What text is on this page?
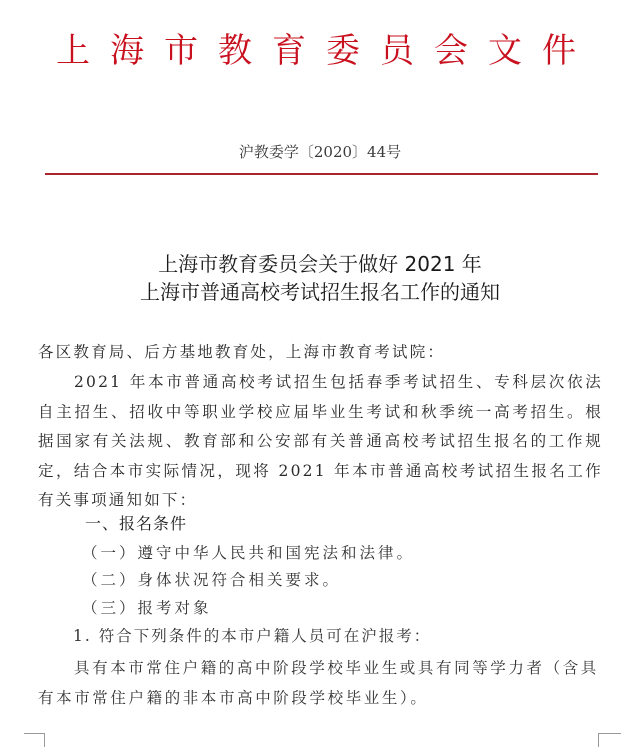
上海市教育委员会文件
沪教委学〔2020〕44号
上海市教育委员会关于做好 2021 年
上海市普通高校考试招生报名工作的通知
各区教育局、后方基地教育处，上海市教育考试院：
2021 年本市普通高校考试招生包括春季考试招生、专科层次依法自主招生、招收中等职业学校应届毕业生考试和秋季统一高考招生。根据国家有关法规、教育部和公安部有关普通高校考试招生报名的工作规定，结合本市实际情况，现将 2021 年本市普通高校考试招生报名工作有关事项通知如下：
一、报名条件
（一）遵守中华人民共和国宪法和法律。
（二）身体状况符合相关要求。
（三）报考对象
1. 符合下列条件的本市户籍人员可在沪报考：
具有本市常住户籍的高中阶段学校毕业生或具有同等学力者（含具有本市常住户籍的非本市高中阶段学校毕业生）。
